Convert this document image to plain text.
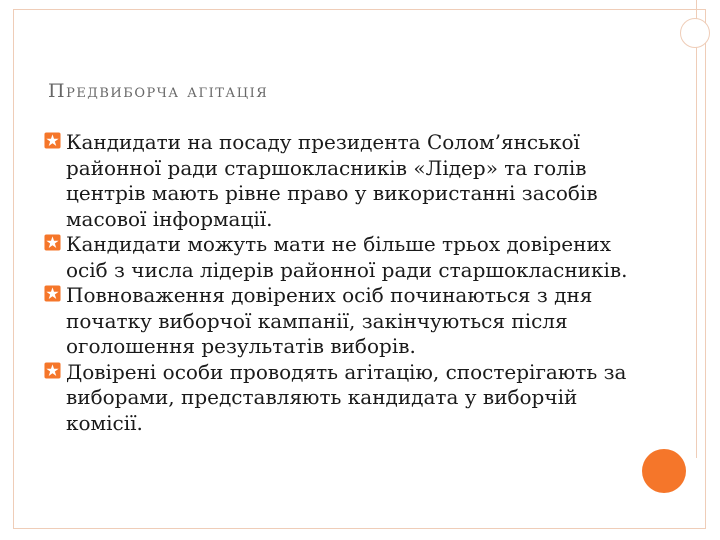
Предвиборча агітація
Кандидати на посаду президента Солом’янської районної ради старшокласників «Лідер» та голів центрів мають рівне право у використанні засобів масової інформації.
Кандидати можуть мати не більше трьох довірених осіб з числа лідерів районної ради старшокласників.
Повноваження довірених осіб починаються з дня початку виборчої кампанії, закінчуються після оголошення результатів виборів.
Довірені особи проводять агітацію, спостерігають за виборами, представляють кандидата у виборчій комісії.
